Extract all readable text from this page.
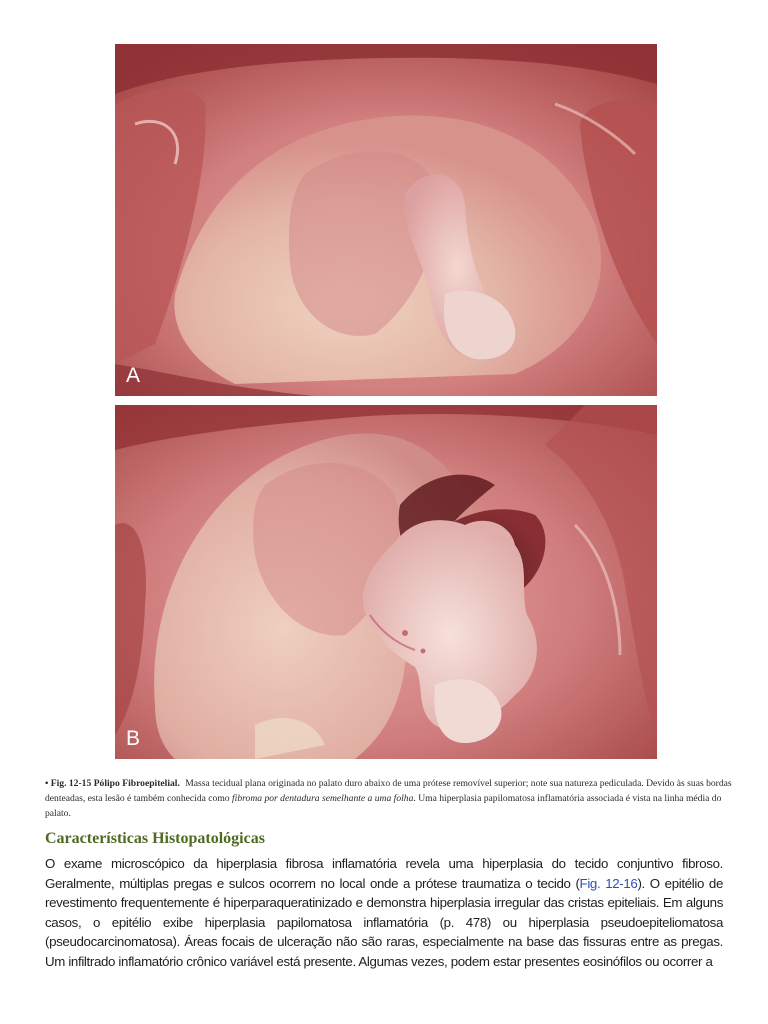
A
B
• Fig. 12-15 Pólipo Fibroepitelial. Massa tecidual plana originada no palato duro abaixo de uma prótese removível superior; note sua natureza pediculada. Devido às suas bordas denteadas, esta lesão é também conhecida como fibroma por dentadura semelhante a uma folha. Uma hiperplasia papilomatosa inflamatória associada é vista na linha média do palato.
Características Histopatológicas
O exame microscópico da hiperplasia fibrosa inflamatória revela uma hiperplasia do tecido conjuntivo fibroso. Geralmente, múltiplas pregas e sulcos ocorrem no local onde a prótese traumatiza o tecido (Fig. 12-16). O epitélio de revestimento frequentemente é hiperparaqueratinizado e demonstra hiperplasia irregular das cristas epiteliais. Em alguns casos, o epitélio exibe hiperplasia papilomatosa inflamatória (p. 478) ou hiperplasia pseudoepiteliomatosa (pseudocarcinomatosa). Áreas focais de ulceração não são raras, especialmente na base das fissuras entre as pregas. Um infiltrado inflamatório crônico variável está presente. Algumas vezes, podem estar presentes eosinófilos ou ocorrer a
